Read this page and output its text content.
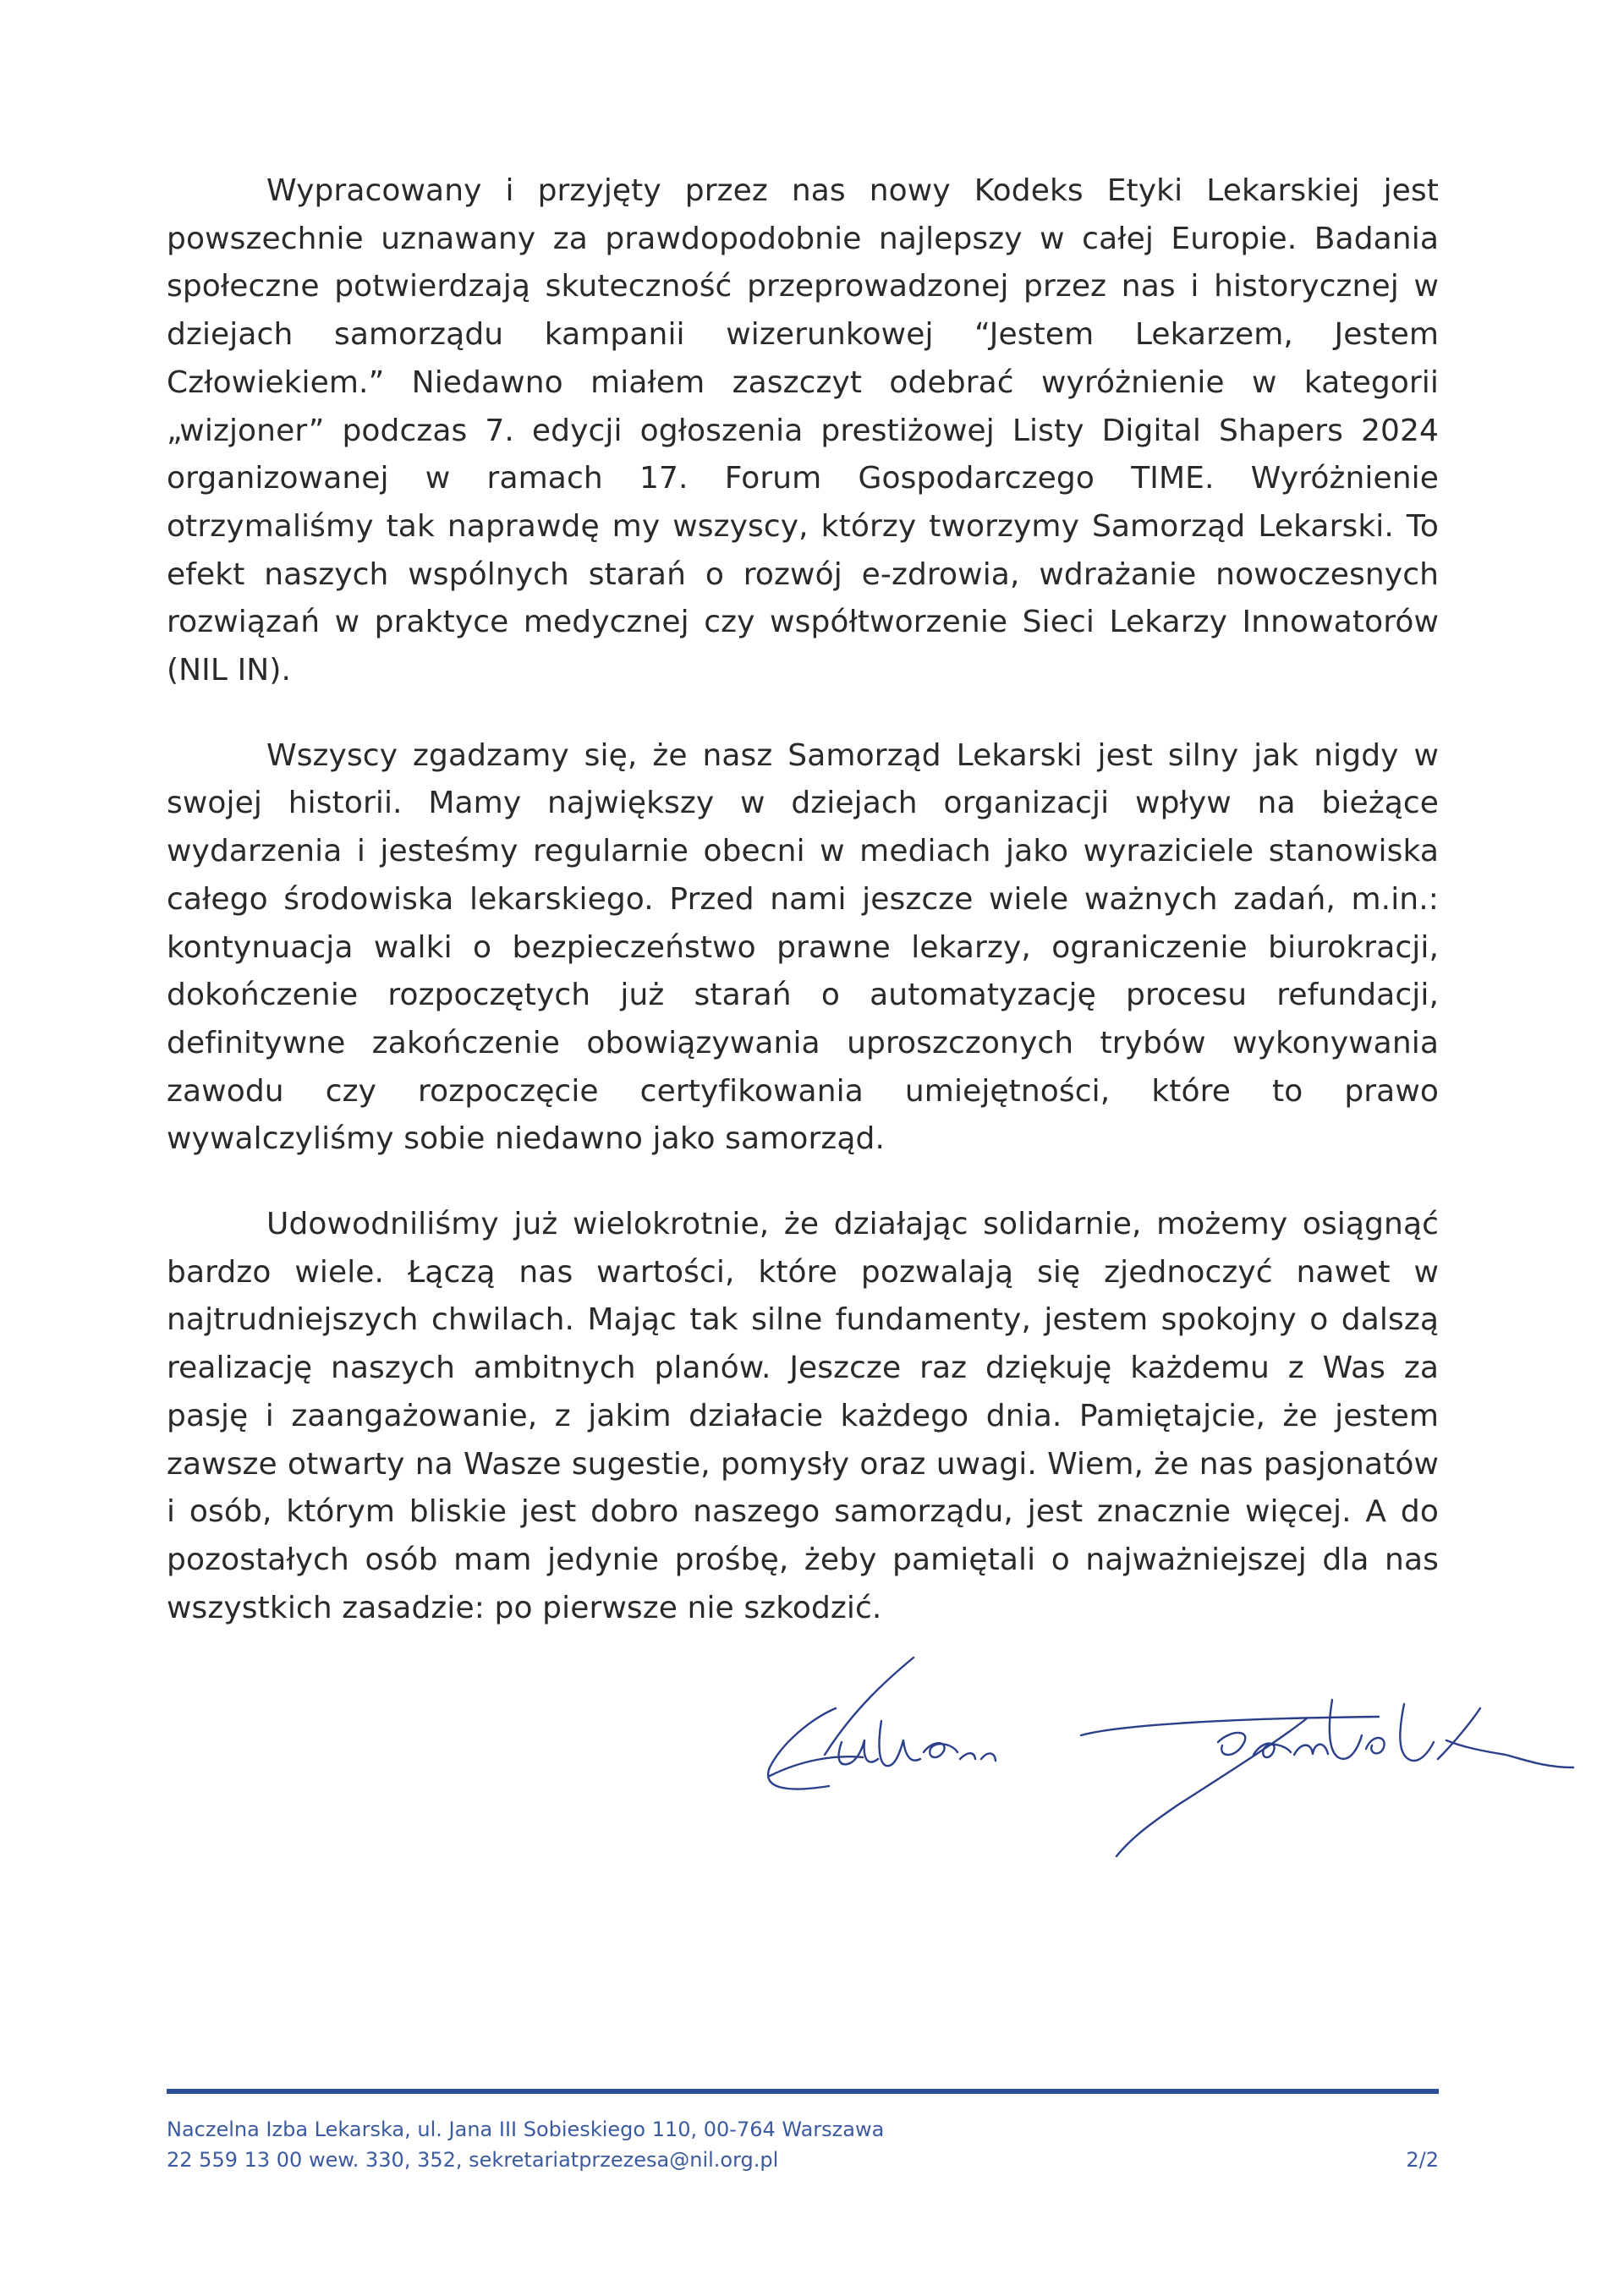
Wypracowany i przyjęty przez nas nowy Kodeks Etyki Lekarskiej jest powszechnie uznawany za prawdopodobnie najlepszy w całej Europie. Badania społeczne potwierdzają skuteczność przeprowadzonej przez nas i historycznej w dziejach samorządu kampanii wizerunkowej “Jestem Lekarzem, Jestem Człowiekiem.” Niedawno miałem zaszczyt odebrać wyróżnienie w kategorii „wizjoner” podczas 7. edycji ogłoszenia prestiżowej Listy Digital Shapers 2024 organizowanej w ramach 17. Forum Gospodarczego TIME. Wyróżnienie otrzymaliśmy tak naprawdę my wszyscy, którzy tworzymy Samorząd Lekarski. To efekt naszych wspólnych starań o rozwój e-zdrowia, wdrażanie nowoczesnych rozwiązań w praktyce medycznej czy współtworzenie Sieci Lekarzy Innowatorów (NIL IN).

Wszyscy zgadzamy się, że nasz Samorząd Lekarski jest silny jak nigdy w swojej historii. Mamy największy w dziejach organizacji wpływ na bieżące wydarzenia i jesteśmy regularnie obecni w mediach jako wyraziciele stanowiska całego środowiska lekarskiego. Przed nami jeszcze wiele ważnych zadań, m.in.: kontynuacja walki o bezpieczeństwo prawne lekarzy, ograniczenie biurokracji, dokończenie rozpoczętych już starań o automatyzację procesu refundacji, definitywne zakończenie obowiązywania uproszczonych trybów wykonywania zawodu czy rozpoczęcie certyfikowania umiejętności, które to prawo wywalczyliśmy sobie niedawno jako samorząd.

Udowodniliśmy już wielokrotnie, że działając solidarnie, możemy osiągnąć bardzo wiele. Łączą nas wartości, które pozwalają się zjednoczyć nawet w najtrudniejszych chwilach. Mając tak silne fundamenty, jestem spokojny o dalszą realizację naszych ambitnych planów. Jeszcze raz dziękuję każdemu z Was za pasję i zaangażowanie, z jakim działacie każdego dnia. Pamiętajcie, że jestem zawsze otwarty na Wasze sugestie, pomysły oraz uwagi. Wiem, że nas pasjonatów i osób, którym bliskie jest dobro naszego samorządu, jest znacznie więcej. A do pozostałych osób mam jedynie prośbę, żeby pamiętali o najważniejszej dla nas wszystkich zasadzie: po pierwsze nie szkodzić.

Naczelna Izba Lekarska, ul. Jana III Sobieskiego 110, 00-764 Warszawa
22 559 13 00 wew. 330, 352, sekretariatprzezesa@nil.org.pl	2/2
